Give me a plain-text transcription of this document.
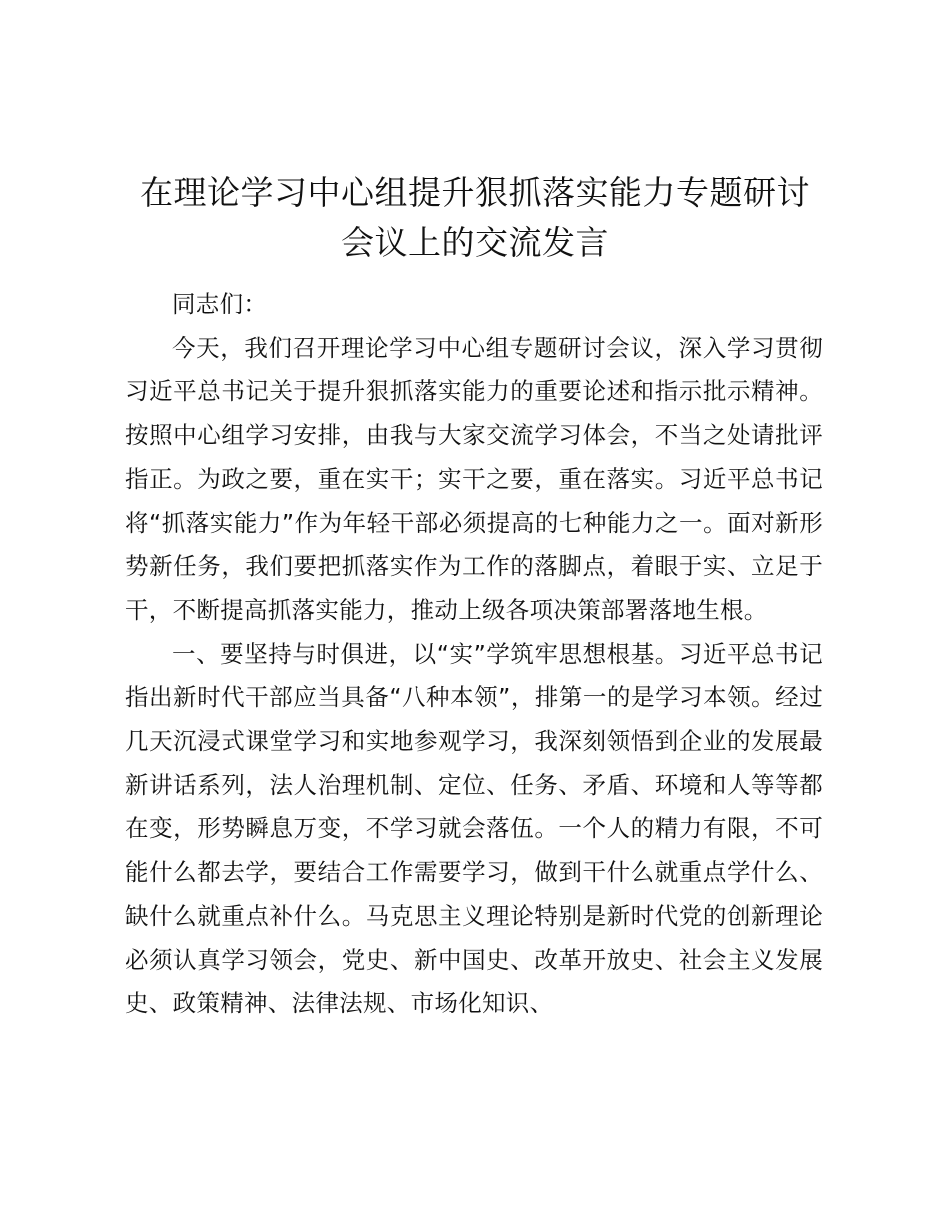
在理论学习中心组提升狠抓落实能力专题研讨
会议上的交流发言

同志们：

今天，我们召开理论学习中心组专题研讨会议，深入学习贯彻习近平总书记关于提升狠抓落实能力的重要论述和指示批示精神。按照中心组学习安排，由我与大家交流学习体会，不当之处请批评指正。为政之要，重在实干；实干之要，重在落实。习近平总书记将“抓落实能力”作为年轻干部必须提高的七种能力之一。面对新形势新任务，我们要把抓落实作为工作的落脚点，着眼于实、立足于干，不断提高抓落实能力，推动上级各项决策部署落地生根。

一、要坚持与时俱进，以“实”学筑牢思想根基。习近平总书记指出新时代干部应当具备“八种本领”，排第一的是学习本领。经过几天沉浸式课堂学习和实地参观学习，我深刻领悟到企业的发展最新讲话系列，法人治理机制、定位、任务、矛盾、环境和人等等都在变，形势瞬息万变，不学习就会落伍。一个人的精力有限，不可能什么都去学，要结合工作需要学习，做到干什么就重点学什么、缺什么就重点补什么。马克思主义理论特别是新时代党的创新理论必须认真学习领会，党史、新中国史、改革开放史、社会主义发展史、政策精神、法律法规、市场化知识、
